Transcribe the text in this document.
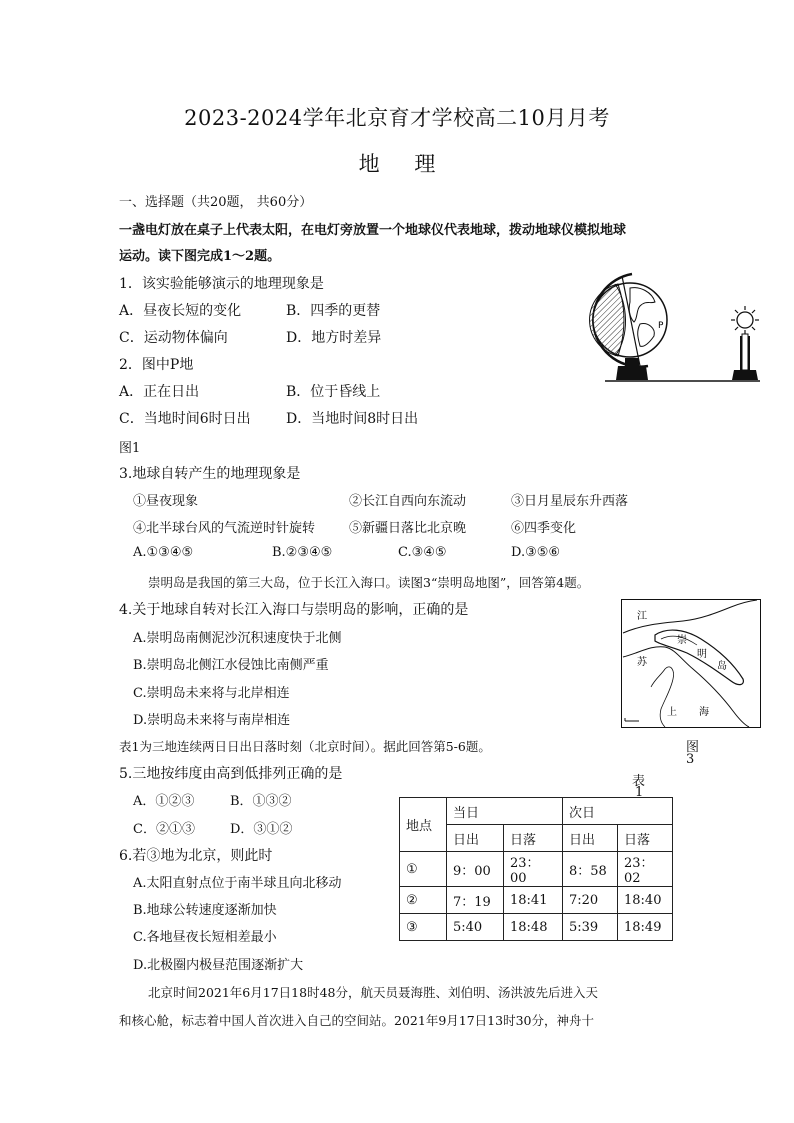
2023-2024学年北京育才学校高二10月月考
地 理
一、选择题（共20题， 共60分）
一盏电灯放在桌子上代表太阳，在电灯旁放置一个地球仪代表地球，拨动地球仪模拟地球
运动。读下图完成1～2题。
1．该实验能够演示的地理现象是
A．昼夜长短的变化	B．四季的更替
C．运动物体偏向	D．地方时差异
2．图中P地
A．正在日出	B．位于昏线上
C．当地时间6时日出	D．当地时间8时日出
图1
P
3.地球自转产生的地理现象是
①昼夜现象	②长江自西向东流动	③日月星辰东升西落
④北半球台风的气流逆时针旋转	⑤新疆日落比北京晚	⑥四季变化
A.①③④⑤	B.②③④⑤	C.③④⑤	D.③⑤⑥
崇明岛是我国的第三大岛，位于长江入海口。读图3“崇明岛地图”，回答第4题。
4.关于地球自转对长江入海口与崇明岛的影响，正确的是
A.崇明岛南侧泥沙沉积速度快于北侧
B.崇明岛北侧江水侵蚀比南侧严重
C.崇明岛未来将与北岸相连
D.崇明岛未来将与南岸相连
江
苏
崇
明
岛
上 海
图
3
表1为三地连续两日日出日落时刻（北京时间）。据此回答第5-6题。
5.三地按纬度由高到低排列正确的是
A．①②③	B．①③②
C．②①③	D．③①②
表
1
地点	当日		次日	
	日出	日落	日出	日落
①	9：00	23：00	8：58	23：02
②	7：19	18:41	7:20	18:40
③	5:40	18:48	5:39	18:49
6.若③地为北京，则此时
A.太阳直射点位于南半球且向北移动
B.地球公转速度逐渐加快
C.各地昼夜长短相差最小
D.北极圈内极昼范围逐渐扩大
北京时间2021年6月17日18时48分，航天员聂海胜、刘伯明、汤洪波先后进入天
和核心舱，标志着中国人首次进入自己的空间站。2021年9月17日13时30分，神舟十
